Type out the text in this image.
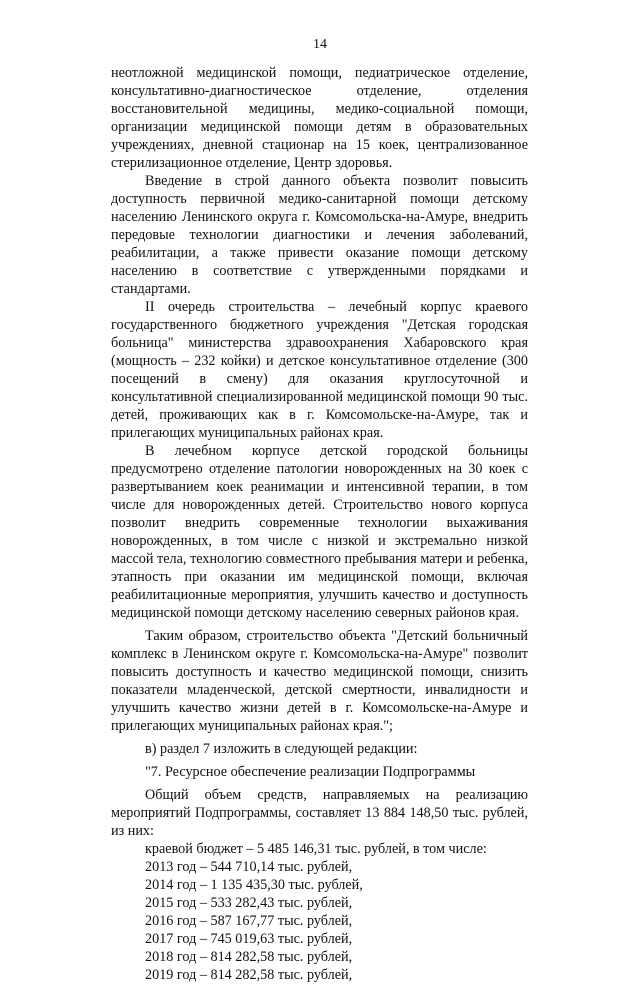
14

неотложной медицинской помощи, педиатрическое отделение, консультативно-диагностическое отделение, отделения восстановительной медицины, медико-социальной помощи, организации медицинской помощи детям в образовательных учреждениях, дневной стационар на 15 коек, централизованное стерилизационное отделение, Центр здоровья.

Введение в строй данного объекта позволит повысить доступность первичной медико-санитарной помощи детскому населению Ленинского округа г. Комсомольска-на-Амуре, внедрить передовые технологии диагностики и лечения заболеваний, реабилитации, а также привести оказание помощи детскому населению в соответствие с утвержденными порядками и стандартами.

II очередь строительства – лечебный корпус краевого государственного бюджетного учреждения "Детская городская больница" министерства здравоохранения Хабаровского края (мощность – 232 койки) и детское консультативное отделение (300 посещений в смену) для оказания круглосуточной и консультативной специализированной медицинской помощи 90 тыс. детей, проживающих как в г. Комсомольске-на-Амуре, так и прилегающих муниципальных районах края.

В лечебном корпусе детской городской больницы предусмотрено отделение патологии новорожденных на 30 коек с развертыванием коек реанимации и интенсивной терапии, в том числе для новорожденных детей. Строительство нового корпуса позволит внедрить современные технологии выхаживания новорожденных, в том числе с низкой и экстремально низкой массой тела, технологию совместного пребывания матери и ребенка, этапность при оказании им медицинской помощи, включая реабилитационные мероприятия, улучшить качество и доступность медицинской помощи детскому населению северных районов края.

Таким образом, строительство объекта "Детский больничный комплекс в Ленинском округе г. Комсомольска-на-Амуре" позволит повысить доступность и качество медицинской помощи, снизить показатели младенческой, детской смертности, инвалидности и улучшить качество жизни детей в г. Комсомольске-на-Амуре и прилегающих муниципальных районах края.";

в) раздел 7 изложить в следующей редакции:

"7. Ресурсное обеспечение реализации Подпрограммы

Общий объем средств, направляемых на реализацию мероприятий Подпрограммы, составляет 13 884 148,50 тыс. рублей, из них:

краевой бюджет – 5 485 146,31 тыс. рублей, в том числе:
2013 год – 544 710,14 тыс. рублей,
2014 год – 1 135 435,30 тыс. рублей,
2015 год – 533 282,43 тыс. рублей,
2016 год – 587 167,77 тыс. рублей,
2017 год – 745 019,63 тыс. рублей,
2018 год – 814 282,58 тыс. рублей,
2019 год – 814 282,58 тыс. рублей,
